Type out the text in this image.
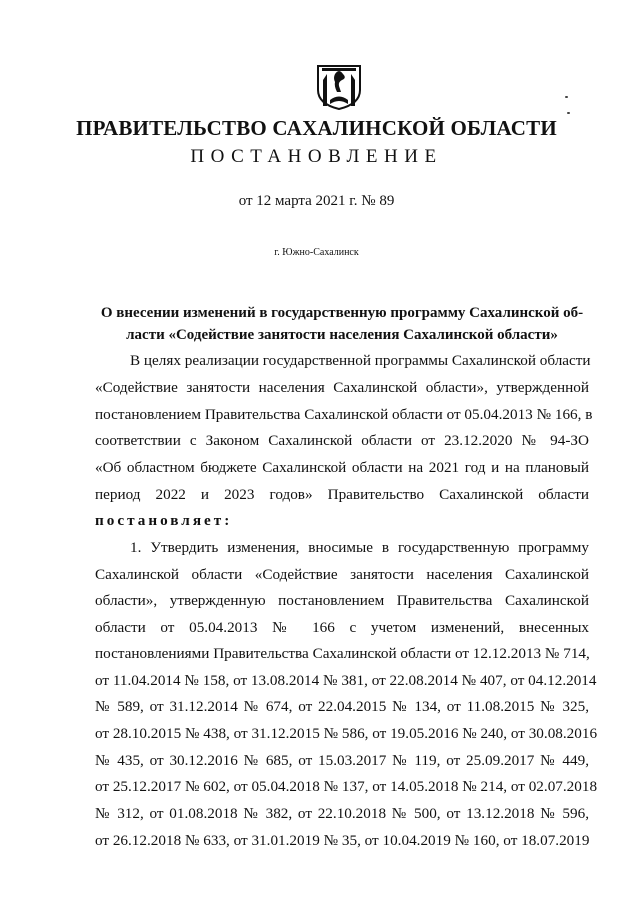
ПРАВИТЕЛЬСТВО САХАЛИНСКОЙ ОБЛАСТИ
ПОСТАНОВЛЕНИЕ
от 12 марта 2021 г. № 89
г. Южно-Сахалинск
О внесении изменений в государственную программу Сахалинской об-
ласти «Содействие занятости населения Сахалинской области»
В целях реализации государственной программы Сахалинской области
«Содействие занятости населения Сахалинской области», утвержденной
постановлением Правительства Сахалинской области от 05.04.2013 № 166, в
соответствии с Законом Сахалинской области от 23.12.2020 № 94-ЗО
«Об областном бюджете Сахалинской области на 2021 год и на плановый
период 2022 и 2023 годов» Правительство Сахалинской области
постановляет:
1. Утвердить изменения, вносимые в государственную программу
Сахалинской области «Содействие занятости населения Сахалинской
области», утвержденную постановлением Правительства Сахалинской
области от 05.04.2013 № 166 с учетом изменений, внесенных
постановлениями Правительства Сахалинской области от 12.12.2013 № 714,
от 11.04.2014 № 158, от 13.08.2014 № 381, от 22.08.2014 № 407, от 04.12.2014
№ 589, от 31.12.2014 № 674, от 22.04.2015 № 134, от 11.08.2015 № 325,
от 28.10.2015 № 438, от 31.12.2015 № 586, от 19.05.2016 № 240, от 30.08.2016
№ 435, от 30.12.2016 № 685, от 15.03.2017 № 119, от 25.09.2017 № 449,
от 25.12.2017 № 602, от 05.04.2018 № 137, от 14.05.2018 № 214, от 02.07.2018
№ 312, от 01.08.2018 № 382, от 22.10.2018 № 500, от 13.12.2018 № 596,
от 26.12.2018 № 633, от 31.01.2019 № 35, от 10.04.2019 № 160, от 18.07.2019
